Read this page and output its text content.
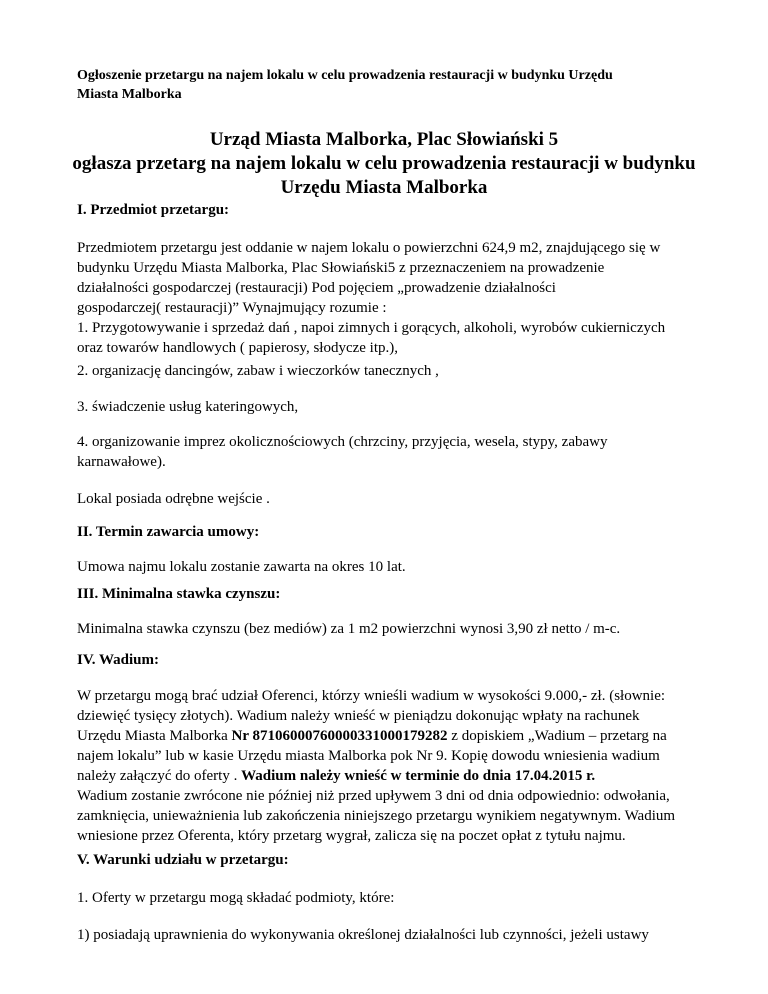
Ogłoszenie przetargu na najem lokalu w celu prowadzenia restauracji w budynku Urzędu
Miasta Malborka
Urząd Miasta Malborka, Plac Słowiański 5
ogłasza przetarg na najem lokalu w celu prowadzenia restauracji w budynku
Urzędu Miasta Malborka
I. Przedmiot przetargu:
Przedmiotem przetargu jest oddanie w najem lokalu o powierzchni 624,9 m2, znajdującego się w
budynku Urzędu Miasta Malborka, Plac Słowiański5 z przeznaczeniem na prowadzenie
działalności gospodarczej (restauracji) Pod pojęciem „prowadzenie działalności
gospodarczej( restauracji)” Wynajmujący rozumie :
1. Przygotowywanie i sprzedaż dań , napoi zimnych i gorących, alkoholi, wyrobów cukierniczych
oraz towarów handlowych ( papierosy, słodycze itp.),
2. organizację dancingów, zabaw i wieczorków tanecznych ,
3. świadczenie usług kateringowych,
4. organizowanie imprez okolicznościowych (chrzciny, przyjęcia, wesela, stypy, zabawy
karnawałowe).
Lokal posiada odrębne wejście .
II. Termin zawarcia umowy:
Umowa najmu lokalu zostanie zawarta na okres 10 lat.
III. Minimalna stawka czynszu:
Minimalna stawka czynszu (bez mediów) za 1 m2 powierzchni wynosi 3,90 zł netto / m-c.
IV. Wadium:
W przetargu mogą brać udział Oferenci, którzy wnieśli wadium w wysokości 9.000,- zł. (słownie:
dziewięć tysięcy złotych). Wadium należy wnieść w pieniądzu dokonując wpłaty na rachunek
Urzędu Miasta Malborka Nr 87106000760000331000179282 z dopiskiem „Wadium – przetarg na
najem lokalu” lub w kasie Urzędu miasta Malborka pok Nr 9. Kopię dowodu wniesienia wadium
należy załączyć do oferty . Wadium należy wnieść w terminie do dnia 17.04.2015 r.
Wadium zostanie zwrócone nie później niż przed upływem 3 dni od dnia odpowiednio: odwołania,
zamknięcia, unieważnienia lub zakończenia niniejszego przetargu wynikiem negatywnym. Wadium
wniesione przez Oferenta, który przetarg wygrał, zalicza się na poczet opłat z tytułu najmu.
V. Warunki udziału w przetargu:
1. Oferty w przetargu mogą składać podmioty, które:
1) posiadają uprawnienia do wykonywania określonej działalności lub czynności, jeżeli ustawy
